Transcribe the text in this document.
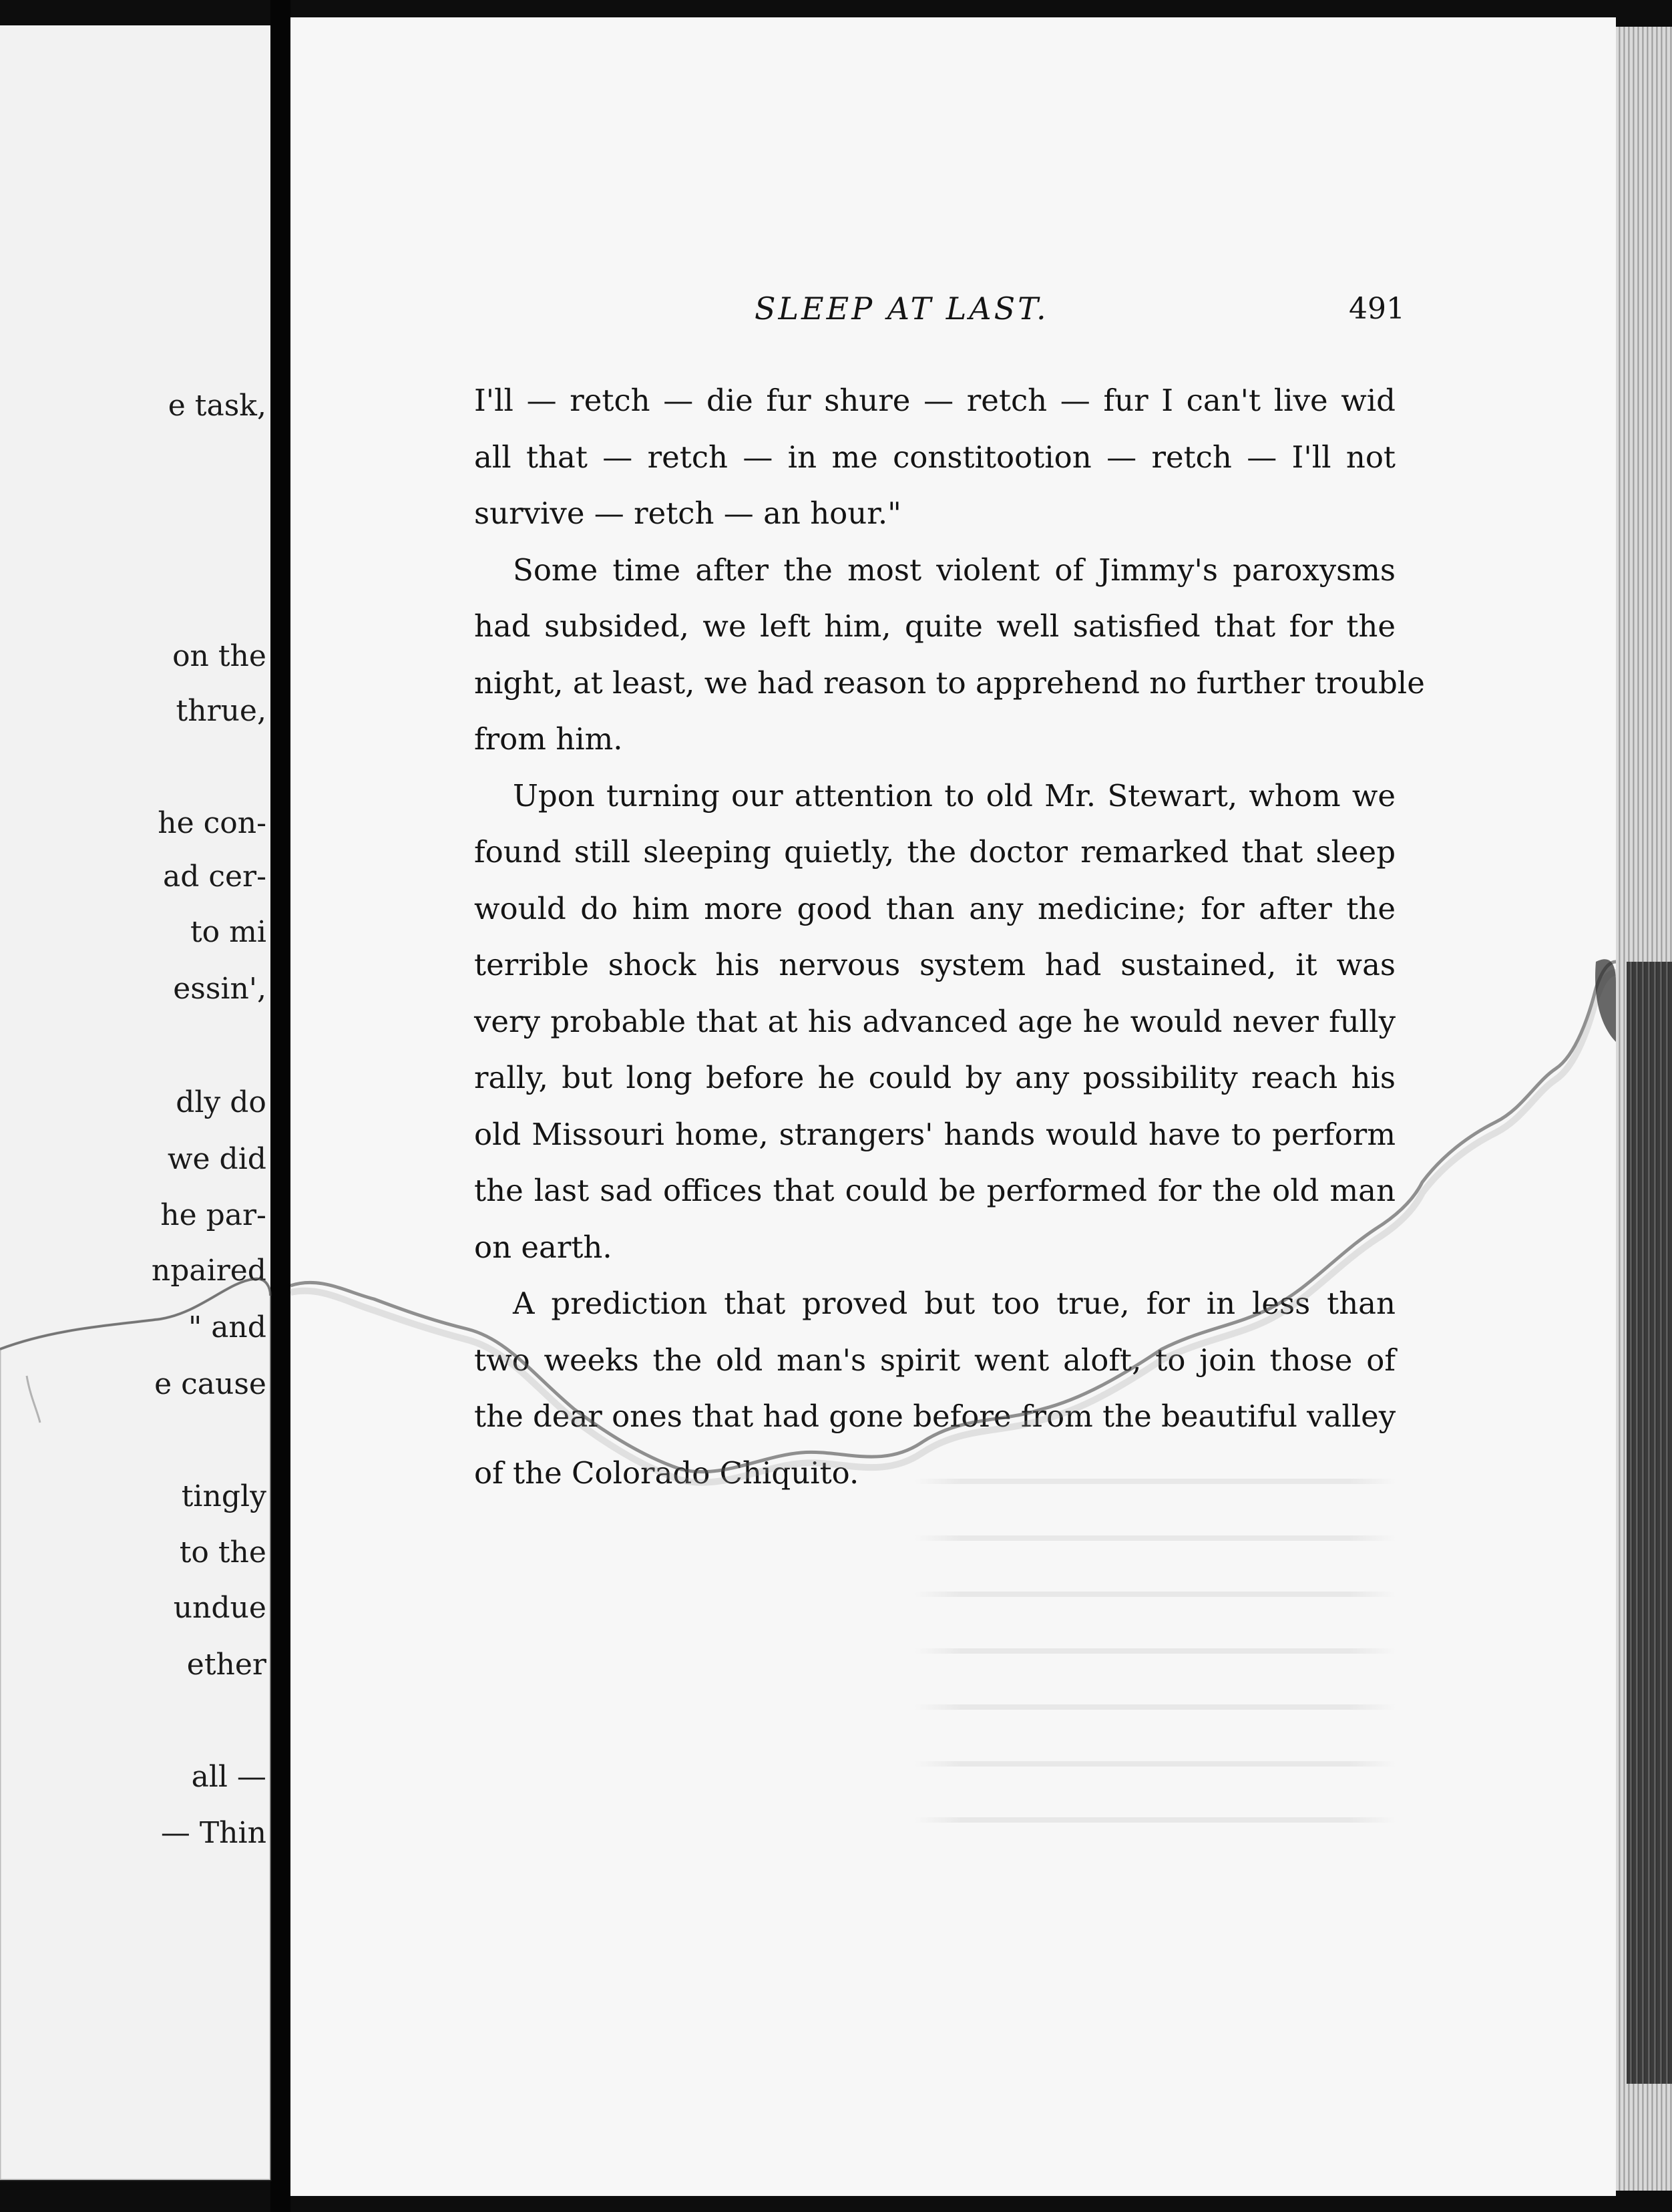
e task,
on the
thrue,
he con-
ad cer-
to mi
essin',
dly do
we did
he par-
npaired
" and
e cause
tingly
to the
undue
ether
all —
— Thin
SLEEP AT LAST.	491
I'll — retch — die fur shure — retch — fur I can't live wid
all that — retch — in me constitootion — retch — I'll not
survive — retch — an hour."
Some time after the most violent of Jimmy's paroxysms
had subsided, we left him, quite well satisfied that for the
night, at least, we had reason to apprehend no further trouble
from him.
Upon turning our attention to old Mr. Stewart, whom we
found still sleeping quietly, the doctor remarked that sleep
would do him more good than any medicine; for after the
terrible shock his nervous system had sustained, it was
very probable that at his advanced age he would never fully
rally, but long before he could by any possibility reach his
old Missouri home, strangers' hands would have to perform
the last sad offices that could be performed for the old man
on earth.
A prediction that proved but too true, for in less than
two weeks the old man's spirit went aloft, to join those of
the dear ones that had gone before from the beautiful valley
of the Colorado Chiquito.
